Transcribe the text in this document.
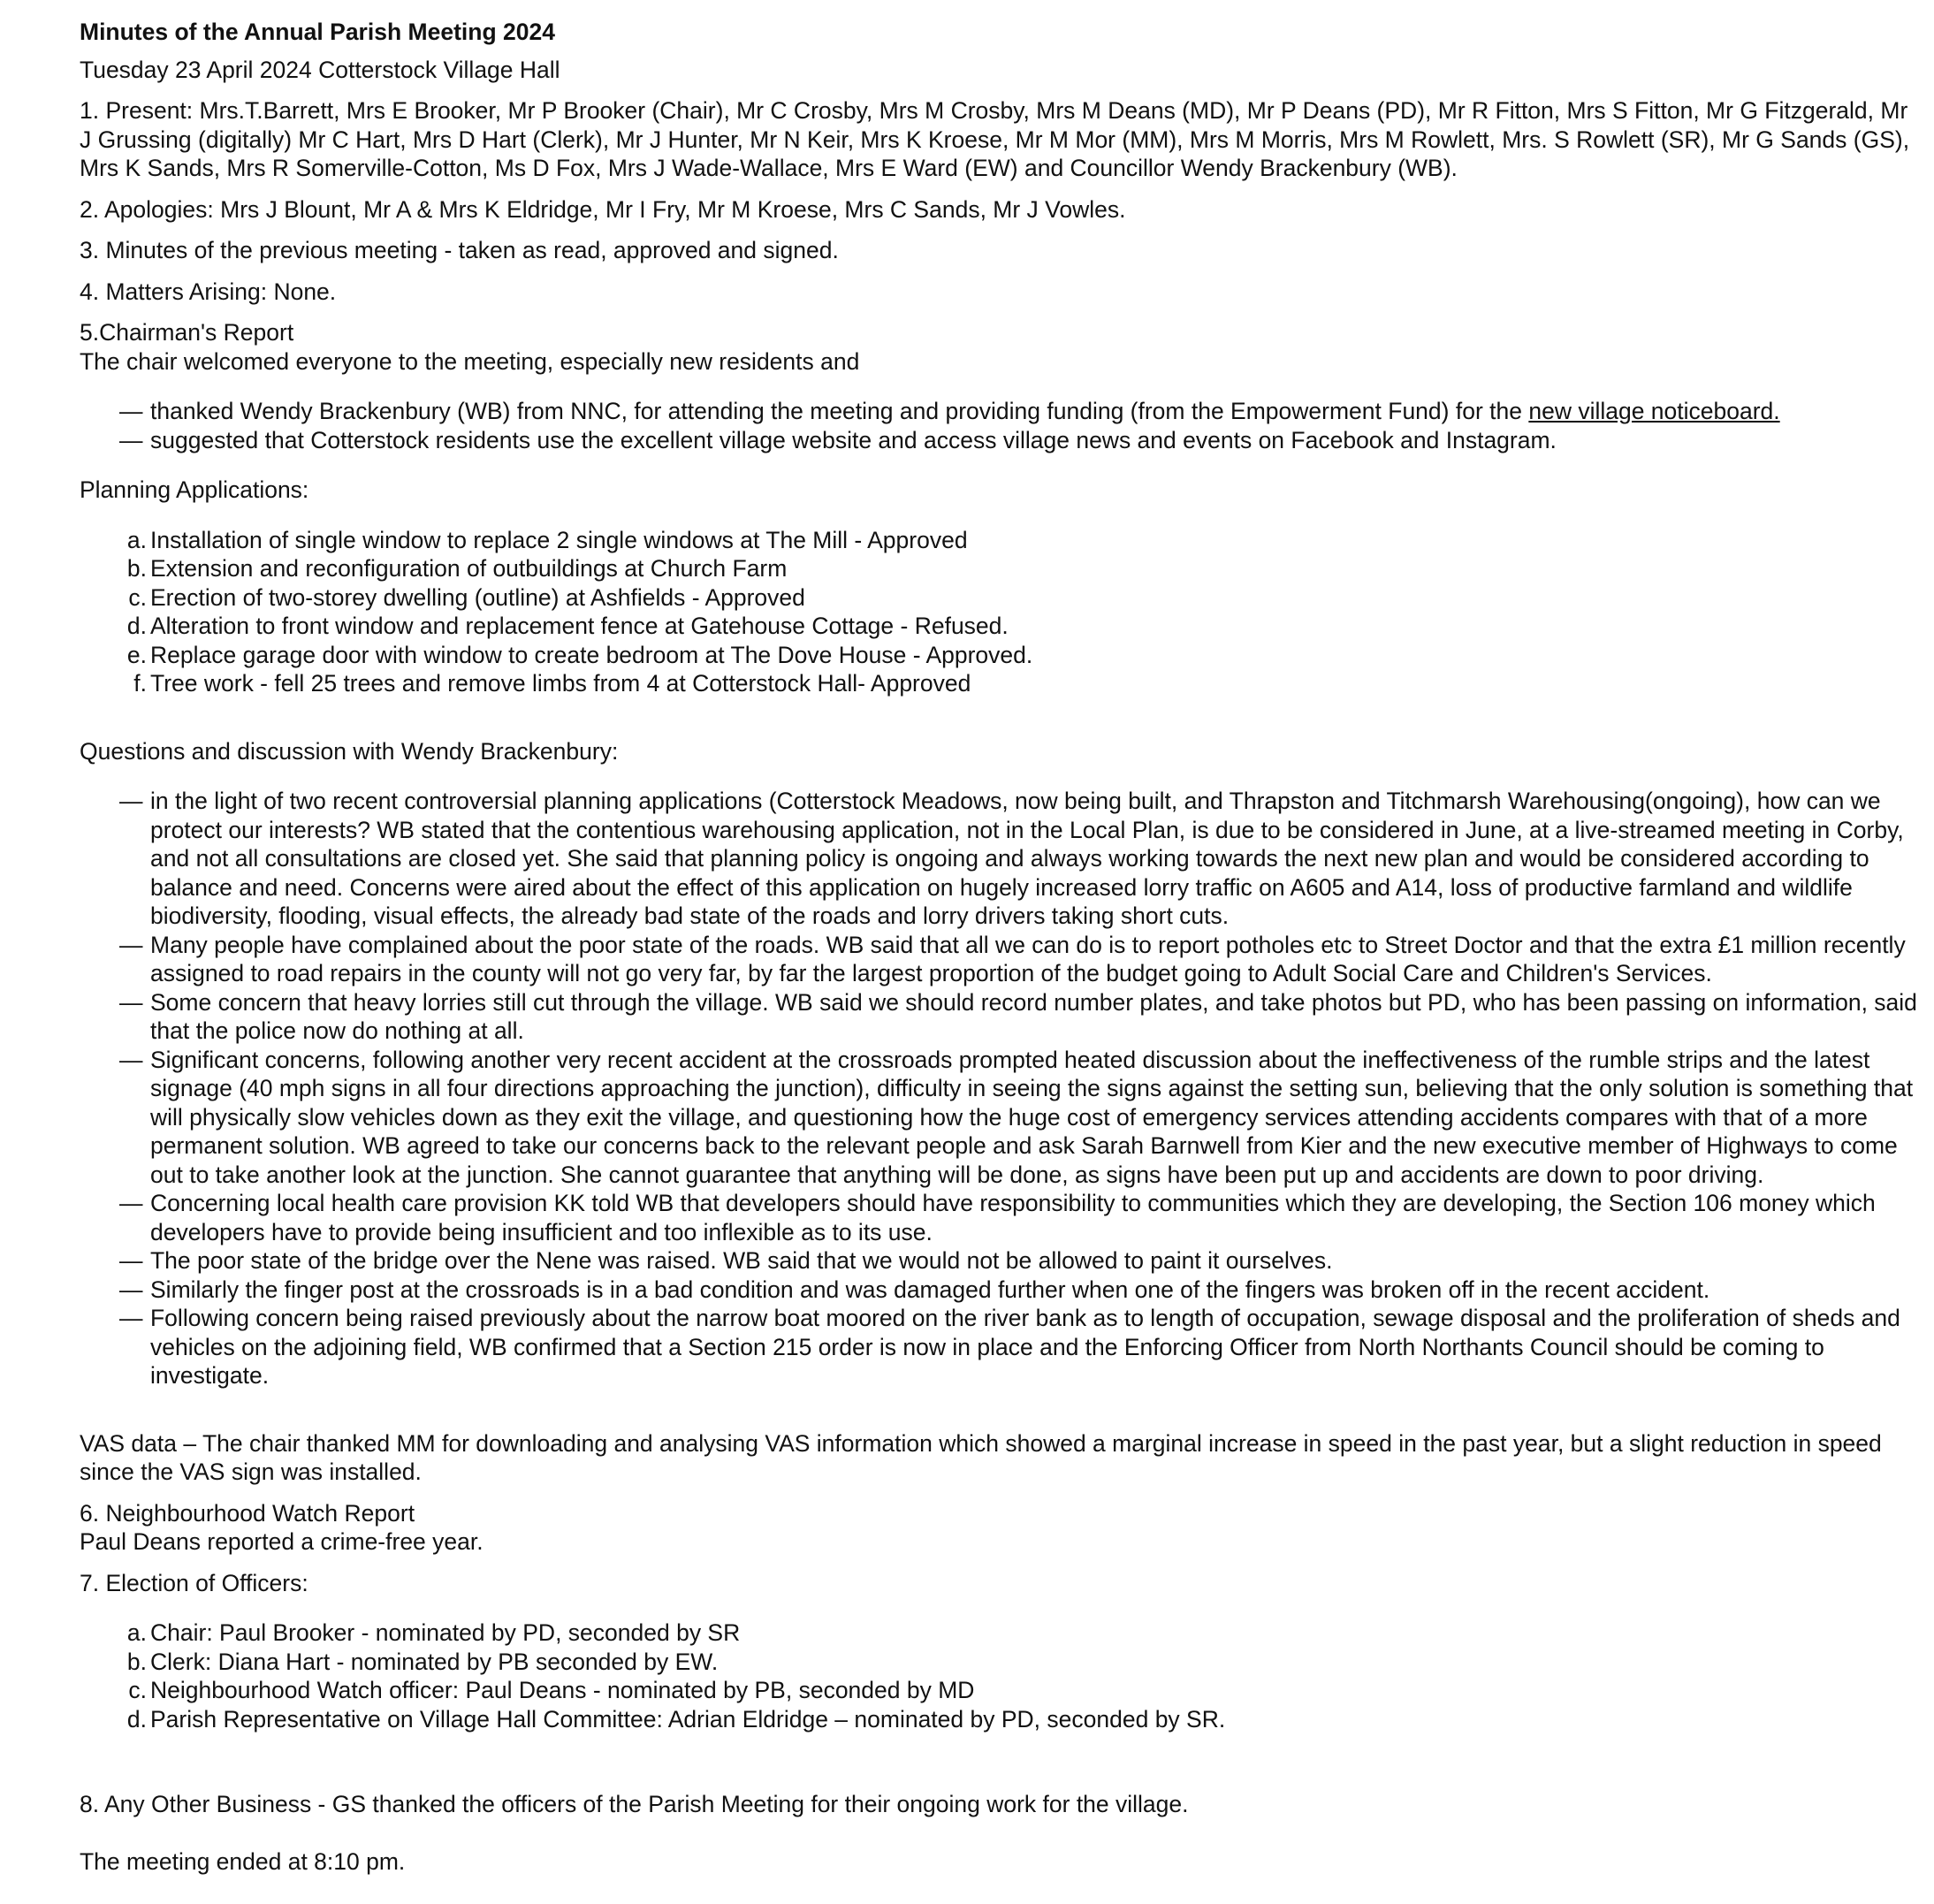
Minutes of the Annual Parish Meeting 2024
Tuesday 23 April 2024 Cotterstock Village Hall
1. Present: Mrs.T.Barrett, Mrs E Brooker, Mr P Brooker (Chair), Mr C Crosby, Mrs M Crosby, Mrs M Deans (MD), Mr P Deans (PD), Mr R Fitton, Mrs S Fitton, Mr G Fitzgerald, Mr J Grussing (digitally) Mr C Hart, Mrs D Hart (Clerk), Mr J Hunter, Mr N Keir, Mrs K Kroese, Mr M Mor (MM), Mrs M Morris, Mrs M Rowlett, Mrs. S Rowlett (SR), Mr G Sands (GS), Mrs K Sands, Mrs R Somerville-Cotton, Ms D Fox, Mrs J Wade-Wallace, Mrs E Ward (EW) and Councillor Wendy Brackenbury (WB).
2. Apologies: Mrs J Blount, Mr A & Mrs K Eldridge, Mr I Fry, Mr M Kroese, Mrs C Sands, Mr J Vowles.
3. Minutes of the previous meeting - taken as read, approved and signed.
4. Matters Arising: None.
5.Chairman's Report
The chair welcomed everyone to the meeting, especially new residents and
— thanked Wendy Brackenbury (WB) from NNC, for attending the meeting and providing funding (from the Empowerment Fund) for the new village noticeboard.
— suggested that Cotterstock residents use the excellent village website and access village news and events on Facebook and Instagram.
Planning Applications:
a. Installation of single window to replace 2 single windows at The Mill - Approved
b. Extension and reconfiguration of outbuildings at Church Farm
c. Erection of two-storey dwelling (outline) at Ashfields - Approved
d. Alteration to front window and replacement fence at Gatehouse Cottage - Refused.
e. Replace garage door with window to create bedroom at The Dove House - Approved.
f. Tree work - fell 25 trees and remove limbs from 4 at Cotterstock Hall- Approved
Questions and discussion with Wendy Brackenbury:
— in the light of two recent controversial planning applications (Cotterstock Meadows, now being built, and Thrapston and Titchmarsh Warehousing(ongoing), how can we protect our interests? WB stated that the contentious warehousing application, not in the Local Plan, is due to be considered in June, at a live-streamed meeting in Corby, and not all consultations are closed yet. She said that planning policy is ongoing and always working towards the next new plan and would be considered according to balance and need. Concerns were aired about the effect of this application on hugely increased lorry traffic on A605 and A14, loss of productive farmland and wildlife biodiversity, flooding, visual effects, the already bad state of the roads and lorry drivers taking short cuts.
— Many people have complained about the poor state of the roads. WB said that all we can do is to report potholes etc to Street Doctor and that the extra £1 million recently assigned to road repairs in the county will not go very far, by far the largest proportion of the budget going to Adult Social Care and Children's Services.
— Some concern that heavy lorries still cut through the village. WB said we should record number plates, and take photos but PD, who has been passing on information, said that the police now do nothing at all.
— Significant concerns, following another very recent accident at the crossroads prompted heated discussion about the ineffectiveness of the rumble strips and the latest signage (40 mph signs in all four directions approaching the junction), difficulty in seeing the signs against the setting sun, believing that the only solution is something that will physically slow vehicles down as they exit the village, and questioning how the huge cost of emergency services attending accidents compares with that of a more permanent solution. WB agreed to take our concerns back to the relevant people and ask Sarah Barnwell from Kier and the new executive member of Highways to come out to take another look at the junction. She cannot guarantee that anything will be done, as signs have been put up and accidents are down to poor driving.
— Concerning local health care provision KK told WB that developers should have responsibility to communities which they are developing, the Section 106 money which developers have to provide being insufficient and too inflexible as to its use.
— The poor state of the bridge over the Nene was raised. WB said that we would not be allowed to paint it ourselves.
— Similarly the finger post at the crossroads is in a bad condition and was damaged further when one of the fingers was broken off in the recent accident.
— Following concern being raised previously about the narrow boat moored on the river bank as to length of occupation, sewage disposal and the proliferation of sheds and vehicles on the adjoining field, WB confirmed that a Section 215 order is now in place and the Enforcing Officer from North Northants Council should be coming to investigate.
VAS data – The chair thanked MM for downloading and analysing VAS information which showed a marginal increase in speed in the past year, but a slight reduction in speed since the VAS sign was installed.
6. Neighbourhood Watch Report
Paul Deans reported a crime-free year.
7. Election of Officers:
a. Chair: Paul Brooker - nominated by PD, seconded by SR
b. Clerk: Diana Hart - nominated by PB seconded by EW.
c. Neighbourhood Watch officer: Paul Deans - nominated by PB, seconded by MD
d. Parish Representative on Village Hall Committee: Adrian Eldridge – nominated by PD, seconded by SR.
8. Any Other Business - GS thanked the officers of the Parish Meeting for their ongoing work for the village.
The meeting ended at 8:10 pm.
